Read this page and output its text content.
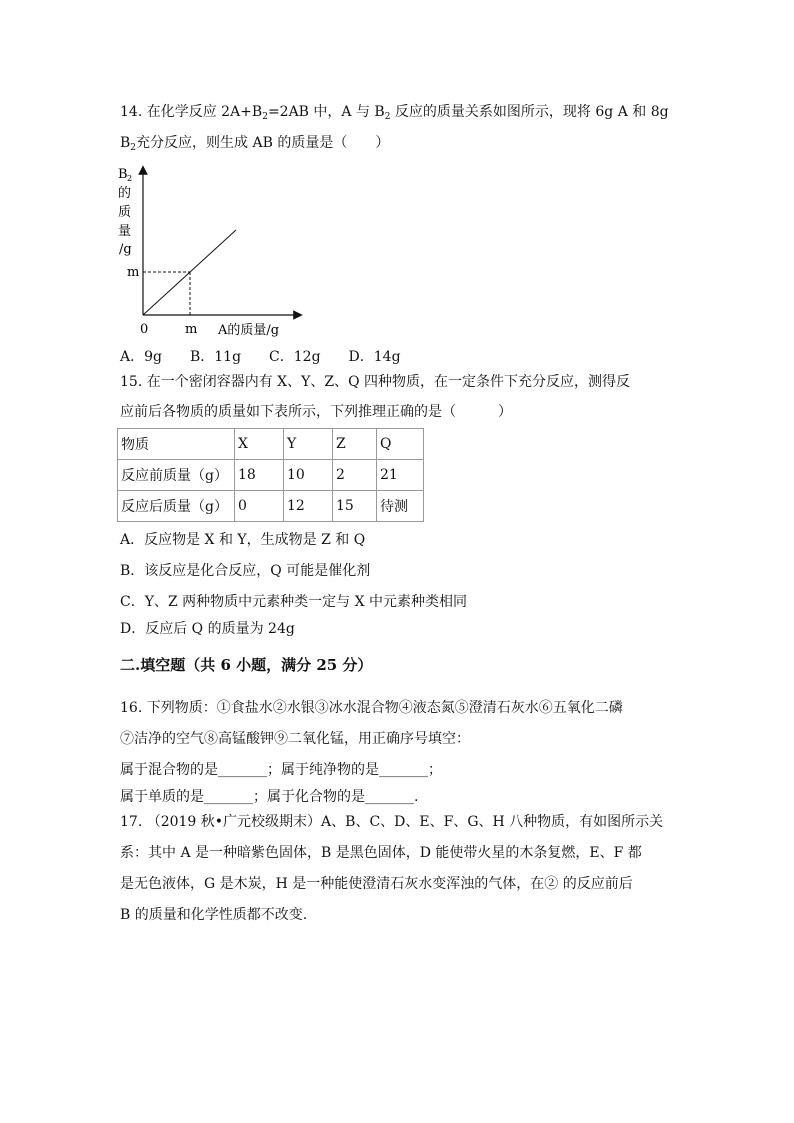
14. 在化学反应 $2A+B_2=2AB$ 中，A 与 $B_2$ 反应的质量关系如图所示，现将 6g A 和 8g
$B_2$充分反应，则生成 AB 的质量是（　　）
B 2
的
质
量
/g
m
0	m A的质量/g
A．9g　　B．11g　　C．12g　　D．14g
15. 在一个密闭容器内有 X、Y、Z、Q 四种物质，在一定条件下充分反应，测得反
应前后各物质的质量如下表所示，下列推理正确的是（　　　）
物质	X	Y	Z	Q
反应前质量（g）	18	10	2	21
反应后质量（g）	0	12	15	待测
A．反应物是 X 和 Y，生成物是 Z 和 Q
B．该反应是化合反应，Q 可能是催化剂
C．Y、Z 两种物质中元素种类一定与 X 中元素种类相同
D．反应后 Q 的质量为 24g
二.填空题（共 6 小题，满分 25 分）
16. 下列物质：①食盐水②水银③冰水混合物④液态氮⑤澄清石灰水⑥五氧化二磷
⑦洁净的空气⑧高锰酸钾⑨二氧化锰，用正确序号填空：
属于混合物的是_______；属于纯净物的是_______；
属于单质的是_______；属于化合物的是_______.
17. （2019 秋•广元校级期末）A、B、C、D、E、F、G、H 八种物质，有如图所示关
系：其中 A 是一种暗紫色固体，B 是黑色固体，D 能使带火星的木条复燃，E、F 都
是无色液体，G 是木炭，H 是一种能使澄清石灰水变浑浊的气体，在② 的反应前后
B 的质量和化学性质都不改变.
